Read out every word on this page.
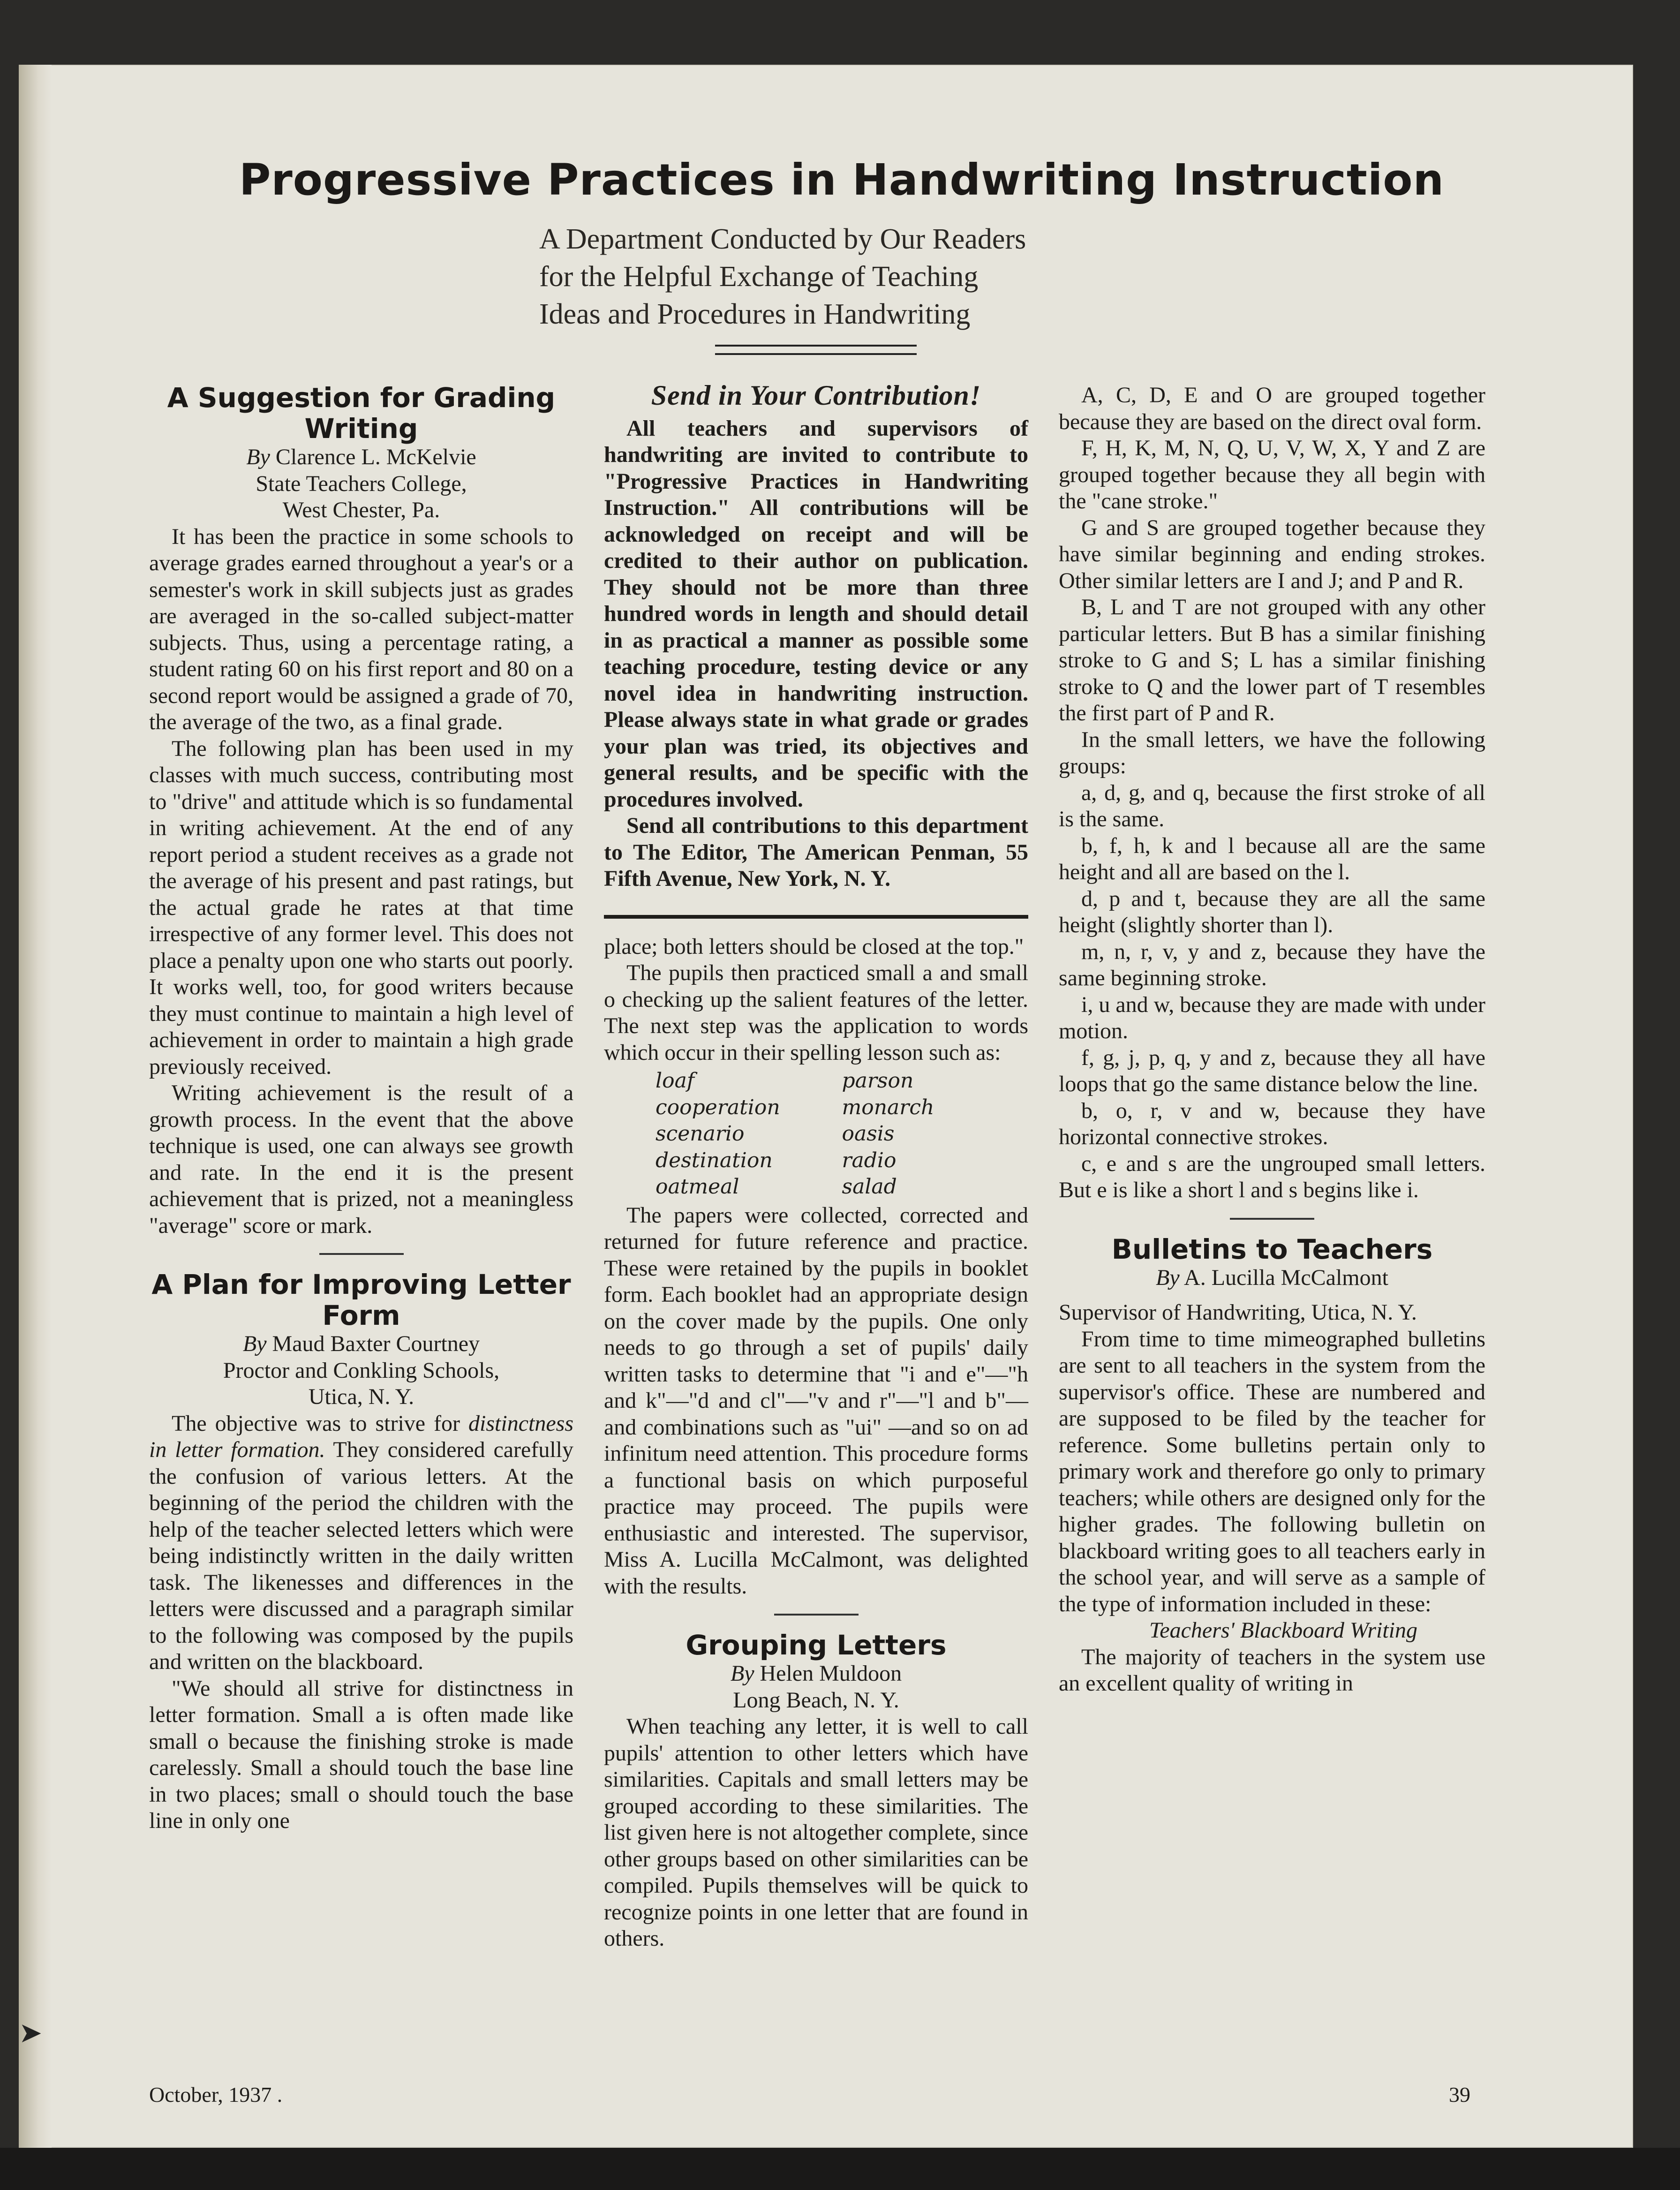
Progressive Practices in Handwriting Instruction
A Department Conducted by Our Readers
for the Helpful Exchange of Teaching
Ideas and Procedures in Handwriting
A Suggestion for Grading Writing

By Clarence L. McKelvie

State Teachers College,

West Chester, Pa.

It has been the practice in some schools to average grades earned throughout a year's or a semester's work in skill subjects just as grades are averaged in the so-called subject-matter subjects. Thus, using a percentage rating, a student rating 60 on his first report and 80 on a second report would be assigned a grade of 70, the average of the two, as a final grade.

The following plan has been used in my classes with much success, contributing most to "drive" and attitude which is so fundamental in writing achievement. At the end of any report period a student receives as a grade not the average of his present and past ratings, but the actual grade he rates at that time irrespective of any former level. This does not place a penalty upon one who starts out poorly. It works well, too, for good writers because they must continue to maintain a high level of achievement in order to maintain a high grade previously received.

Writing achievement is the result of a growth process. In the event that the above technique is used, one can always see growth and rate. In the end it is the present achievement that is prized, not a meaningless "average" score or mark.

A Plan for Improving Letter Form

By Maud Baxter Courtney

Proctor and Conkling Schools,

Utica, N. Y.

The objective was to strive for distinctness in letter formation. They considered carefully the confusion of various letters. At the beginning of the period the children with the help of the teacher selected letters which were being indistinctly written in the daily written task. The likenesses and differences in the letters were discussed and a paragraph similar to the following was composed by the pupils and written on the blackboard.

"We should all strive for distinctness in letter formation. Small a is often made like small o because the finishing stroke is made carelessly. Small a should touch the base line in two places; small o should touch the base line in only one

Send in Your Contribution!

All teachers and supervisors of handwriting are invited to contribute to "Progressive Practices in Handwriting Instruction." All contributions will be acknowledged on receipt and will be credited to their author on publication. They should not be more than three hundred words in length and should detail in as practical a manner as possible some teaching procedure, testing device or any novel idea in handwriting instruction. Please always state in what grade or grades your plan was tried, its objectives and general results, and be specific with the procedures involved.

Send all contributions to this department to The Editor, The American Penman, 55 Fifth Avenue, New York, N. Y.

place; both letters should be closed at the top."

The pupils then practiced small a and small o checking up the salient features of the letter. The next step was the application to words which occur in their spelling lesson such as:

loaf	parson
cooperation	monarch
scenario	oasis
destination	radio
oatmeal	salad

The papers were collected, corrected and returned for future reference and practice. These were retained by the pupils in booklet form. Each booklet had an appropriate design on the cover made by the pupils. One only needs to go through a set of pupils' daily written tasks to determine that "i and e"—"h and k"—"d and cl"—"v and r"—"l and b"—and combinations such as "ui" —and so on ad infinitum need attention. This procedure forms a functional basis on which purposeful practice may proceed. The pupils were enthusiastic and interested. The supervisor, Miss A. Lucilla McCalmont, was delighted with the results.

Grouping Letters

By Helen Muldoon

Long Beach, N. Y.

When teaching any letter, it is well to call pupils' attention to other letters which have similarities. Capitals and small letters may be grouped according to these similarities. The list given here is not altogether complete, since other groups based on other similarities can be compiled. Pupils themselves will be quick to recognize points in one letter that are found in others.

A, C, D, E and O are grouped together because they are based on the direct oval form.

F, H, K, M, N, Q, U, V, W, X, Y and Z are grouped together because they all begin with the "cane stroke."

G and S are grouped together because they have similar beginning and ending strokes. Other similar letters are I and J; and P and R.

B, L and T are not grouped with any other particular letters. But B has a similar finishing stroke to G and S; L has a similar finishing stroke to Q and the lower part of T resembles the first part of P and R.

In the small letters, we have the following groups:

a, d, g, and q, because the first stroke of all is the same.

b, f, h, k and l because all are the same height and all are based on the l.

d, p and t, because they are all the same height (slightly shorter than l).

m, n, r, v, y and z, because they have the same beginning stroke.

i, u and w, because they are made with under motion.

f, g, j, p, q, y and z, because they all have loops that go the same distance below the line.

b, o, r, v and w, because they have horizontal connective strokes.

c, e and s are the ungrouped small letters. But e is like a short l and s begins like i.

Bulletins to Teachers

By A. Lucilla McCalmont

Supervisor of Handwriting, Utica, N. Y.

From time to time mimeographed bulletins are sent to all teachers in the system from the supervisor's office. These are numbered and are supposed to be filed by the teacher for reference. Some bulletins pertain only to primary work and therefore go only to primary teachers; while others are designed only for the higher grades. The following bulletin on blackboard writing goes to all teachers early in the school year, and will serve as a sample of the type of information included in these:

Teachers' Blackboard Writing

The majority of teachers in the system use an excellent quality of writing in

➤
October, 1937 .	39
